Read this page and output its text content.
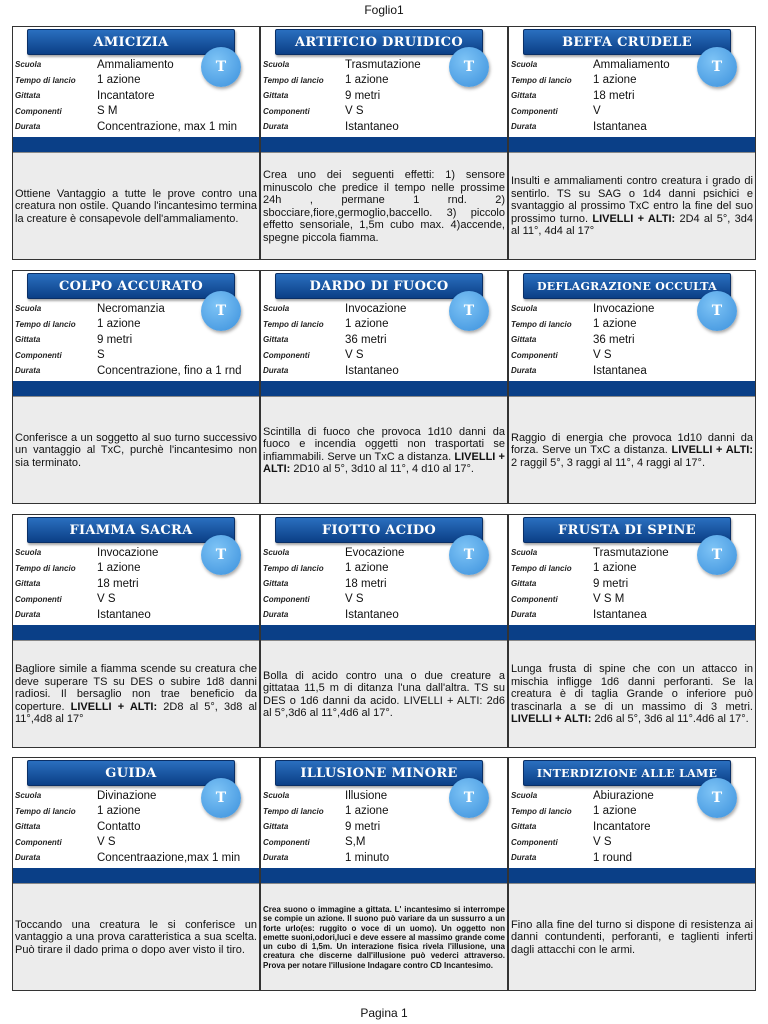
Foglio1
AMICIZIA
T
Scuola	Ammaliamento
Tempo di lancio	1 azione
Gittata	Incantatore
Componenti	S M
Durata	Concentrazione, max 1 min
Ottiene Vantaggio a tutte le prove contro una creatura non ostile. Quando l'incantesimo termina la creature è consapevole dell'ammaliamento.
ARTIFICIO DRUIDICO
T
Scuola	Trasmutazione
Tempo di lancio	1 azione
Gittata	9 metri
Componenti	V S
Durata	Istantaneo
Crea uno dei seguenti effetti: 1) sensore minuscolo che predice il tempo nelle prossime 24h , permane 1 rnd. 2) sbocciare,fiore,germoglio,baccello. 3) piccolo effetto sensoriale, 1,5m cubo max. 4)accende, spegne piccola fiamma.
BEFFA CRUDELE
T
Scuola	Ammaliamento
Tempo di lancio	1 azione
Gittata	18 metri
Componenti	V
Durata	Istantanea
Insulti e ammaliamenti contro creatura i grado di sentirlo. TS su SAG o 1d4 danni psichici e svantaggio al prossimo TxC entro la fine del suo prossimo turno. LIVELLI + ALTI: 2D4 al 5°, 3d4 al 11°, 4d4 al 17°
COLPO ACCURATO
T
Scuola	Necromanzia
Tempo di lancio	1 azione
Gittata	9 metri
Componenti	S
Durata	Concentrazione, fino a 1 rnd
Conferisce a un soggetto al suo turno successivo un vantaggio al TxC, purchè l'incantesimo non sia terminato.
DARDO DI FUOCO
T
Scuola	Invocazione
Tempo di lancio	1 azione
Gittata	36 metri
Componenti	V S
Durata	Istantaneo
Scintilla di fuoco che provoca 1d10 danni da fuoco e incendia oggetti non trasportati se infiammabili. Serve un TxC a distanza. LIVELLI + ALTI: 2D10 al 5°, 3d10 al 11°, 4 d10 al 17°.
DEFLAGRAZIONE OCCULTA
T
Scuola	Invocazione
Tempo di lancio	1 azione
Gittata	36 metri
Componenti	V S
Durata	Istantanea
Raggio di energia che provoca 1d10 danni da forza. Serve un TxC a distanza. LIVELLI + ALTI: 2 raggil 5°, 3 raggi al 11°, 4 raggi al 17°.
FIAMMA SACRA
T
Scuola	Invocazione
Tempo di lancio	1 azione
Gittata	18 metri
Componenti	V S
Durata	Istantaneo
Bagliore simile a fiamma scende su creatura che deve superare TS su DES o subire 1d8 danni radiosi. Il bersaglio non trae beneficio da coperture. LIVELLI + ALTI: 2D8 al 5°, 3d8 al 11°,4d8 al 17°
FIOTTO ACIDO
T
Scuola	Evocazione
Tempo di lancio	1 azione
Gittata	18 metri
Componenti	V S
Durata	Istantaneo
Bolla di acido contro una o due creature a gittataa 11,5 m di ditanza l'una dall'altra. TS su DES o 1d6 danni da acido. LIVELLI + ALTI: 2d6 al 5°,3d6 al 11°,4d6 al 17°.
FRUSTA DI SPINE
T
Scuola	Trasmutazione
Tempo di lancio	1 azione
Gittata	9 metri
Componenti	V S M
Durata	Istantanea
Lunga frusta di spine che con un attacco in mischia infligge 1d6 danni perforanti. Se la creatura è di taglia Grande o inferiore può trascinarla a se di un massimo di 3 metri. LIVELLI + ALTI: 2d6 al 5°, 3d6 al 11°.4d6 al 17°.
GUIDA
T
Scuola	Divinazione
Tempo di lancio	1 azione
Gittata	Contatto
Componenti	V S
Durata	Concentraazione,max 1 min
Toccando una creatura le si conferisce un vantaggio a una prova caratteristica a sua scelta. Può tirare il dado prima o dopo aver visto il tiro.
ILLUSIONE MINORE
T
Scuola	Illusione
Tempo di lancio	1 azione
Gittata	9 metri
Componenti	S,M
Durata	1 minuto
Crea suono o immagine a gittata. L' incantesimo si interrompe se compie un azione. Il suono può variare da un sussurro a un forte urlo(es: ruggito o voce di un uomo). Un oggetto non emette suoni,odori,luci e deve essere al massimo grande come un cubo di 1,5m. Un interazione fisica rivela l'illusione, una creatura che discerne dall'illusione può vederci attraverso. Prova per notare l'illusione Indagare contro CD Incantesimo.
INTERDIZIONE ALLE LAME
T
Scuola	Abiurazione
Tempo di lancio	1 azione
Gittata	Incantatore
Componenti	V S
Durata	1 round
Fino alla fine del turno si dispone di resistenza ai danni contundenti, perforanti, e taglienti inferti dagli attacchi con le armi.
Pagina 1
